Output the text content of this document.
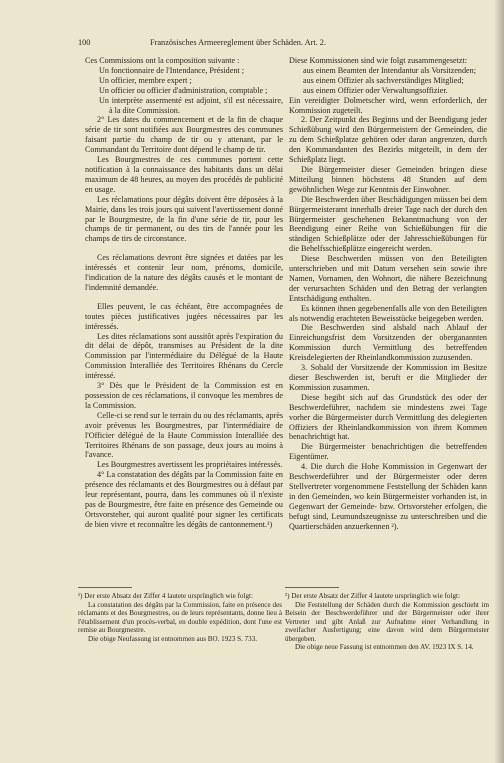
100	Französisches Armeereglement über Schäden. Art. 2.

Ces Commissions ont la composition suivante :

Un fonctionnaire de l'Intendance, Président ;

Un officier, membre expert ;

Un officier ou officier d'administration, comptable ;

Un interprète assermenté est adjoint, s'il est nécessaire, à la dite Commission.

2° Les dates du commencement et de la fin de chaque série de tir sont notifiées aux Bourgmestres des communes faisant partie du champ de tir ou y attenant, par le Commandant du Territoire dont dépend le champ de tir.

Les Bourgmestres de ces communes portent cette notification à la connaissance des habitants dans un délai maximum de 48 heures, au moyen des procédés de publicité en usage.

Les réclamations pour dégâts doivent être déposées à la Mairie, dans les trois jours qui suivent l'avertissement donné par le Bourgmestre, de la fin d'une série de tir, pour les champs de tir permanent, ou des tirs de l'année pour les champs de tirs de circonstance.

Ces réclamations devront être signées et datées par les intéressés et contenir leur nom, prénoms, domicile, l'indication de la nature des dégâts causés et le montant de l'indemnité demandée.

Elles peuvent, le cas échéant, être accompagnées de toutes pièces justificatives jugées nécessaires par les intéressés.

Les dites réclamations sont aussitôt après l'expiration du dit délai de dépôt, transmises au Président de la dite Commission par l'intermédiaire du Délégué de la Haute Commission Interalliée des Territoires Rhénans du Cercle intéressé.

3° Dès que le Président de la Commission est en possession de ces réclamations, il convoque les membres de la Commission.

Celle-ci se rend sur le terrain du ou des réclamants, après avoir prévenus les Bourgmestres, par l'intermédiaire de l'Officier délégué de la Haute Commission Interalliée des Territoires Rhénans de son passage, deux jours au moins à l'avance.

Les Bourgmestres avertissent les propriétaires intéressés.

4° La constatation des dégâts par la Commission faite en présence des réclamants et des Bourgmestres ou à défaut par leur représentant, pourra, dans les communes où il n'existe pas de Bourgmestre, être faite en présence des Gemeinde ou Ortsvorsteher, qui auront qualité pour signer les certificats de bien vivre et reconnaître les dégâts de cantonnement.¹)

Diese Kommissionen sind wie folgt zusammengesetzt:

aus einem Beamten der Intendantur als Vorsitzenden;

aus einem Offizier als sachverständiges Mitglied;

aus einem Offizier oder Verwaltungsoffizier.

Ein vereidigter Dolmetscher wird, wenn erforderlich, der Kommission zugeteilt.

2. Der Zeitpunkt des Beginns und der Beendigung jeder Schießübung wird den Bürgermeistern der Gemeinden, die zu dem Schießplatze gehören oder daran angrenzen, durch den Kommandanten des Bezirks mitgeteilt, in dem der Schießplatz liegt.

Die Bürgermeister dieser Gemeinden bringen diese Mitteilung binnen höchstens 48 Stunden auf dem gewöhnlichen Wege zur Kenntnis der Einwohner.

Die Beschwerden über Beschädigungen müssen bei dem Bürgermeisteramt innerhalb dreier Tage nach der durch den Bürgermeister geschehenen Bekanntmachung von der Beendigung einer Reihe von Schießübungen für die ständigen Schießplätze oder der Jahresschießübungen für die Behelfsschießplätze eingereicht werden.

Diese Beschwerden müssen von den Beteiligten unterschrieben und mit Datum versehen sein sowie ihre Namen, Vornamen, den Wohnort, die nähere Bezeichnung der verursachten Schäden und den Betrag der verlangten Entschädigung enthalten.

Es können ihnen gegebenenfalls alle von den Beteiligten als notwendig erachteten Beweisstücke beigegeben werden.

Die Beschwerden sind alsbald nach Ablauf der Einreichungsfrist dem Vorsitzenden der oberganannten Kommission durch Vermittlung des betreffenden Kreisdelegierten der Rheinlandkommission zuzusenden.

3. Sobald der Vorsitzende der Kommission im Besitze dieser Beschwerden ist, beruft er die Mitglieder der Kommission zusammen.

Diese begibt sich auf das Grundstück des oder der Beschwerdeführer, nachdem sie mindestens zwei Tage vorher die Bürgermeister durch Vermittlung des delegierten Offiziers der Rheinlandkommission von ihrem Kommen benachrichtigt hat.

Die Bürgermeister benachrichtigen die betreffenden Eigentümer.

4. Die durch die Hohe Kommission in Gegenwart der Beschwerdeführer und der Bürgermeister oder deren Stellvertreter vorgenommene Feststellung der Schäden kann in den Gemeinden, wo kein Bürgermeister vorhanden ist, in Gegenwart der Gemeinde- bzw. Ortsvorsteher erfolgen, die befugt sind, Leumundszeugnisse zu unterschreiben und die Quartierschäden anzuerkennen ²).

¹) Der erste Absatz der Ziffer 4 lautete ursprünglich wie folgt:

La constatation des dégâts par la Commission, faite en présence des réclamants et des Bourgmestres, ou de leurs représentants, donne lieu à l'établissement d'un procès-verbal, en double expédition, dont l'une est remise au Bourgmestre.

Die obige Neufassung ist entnommen aus BO. 1923 S. 733.

²) Der erste Absatz der Ziffer 4 lautete ursprünglich wie folgt:

Die Feststellung der Schäden durch die Kommission geschieht im Beisein der Beschwerdeführer und der Bürgermeister oder ihrer Vertreter und gibt Anlaß zur Aufnahme einer Verhandlung in zweifacher Ausfertigung; eine davon wird dem Bürgermeister übergeben.

Die obige neue Fassung ist entnommen den AV. 1923 IX S. 14.
